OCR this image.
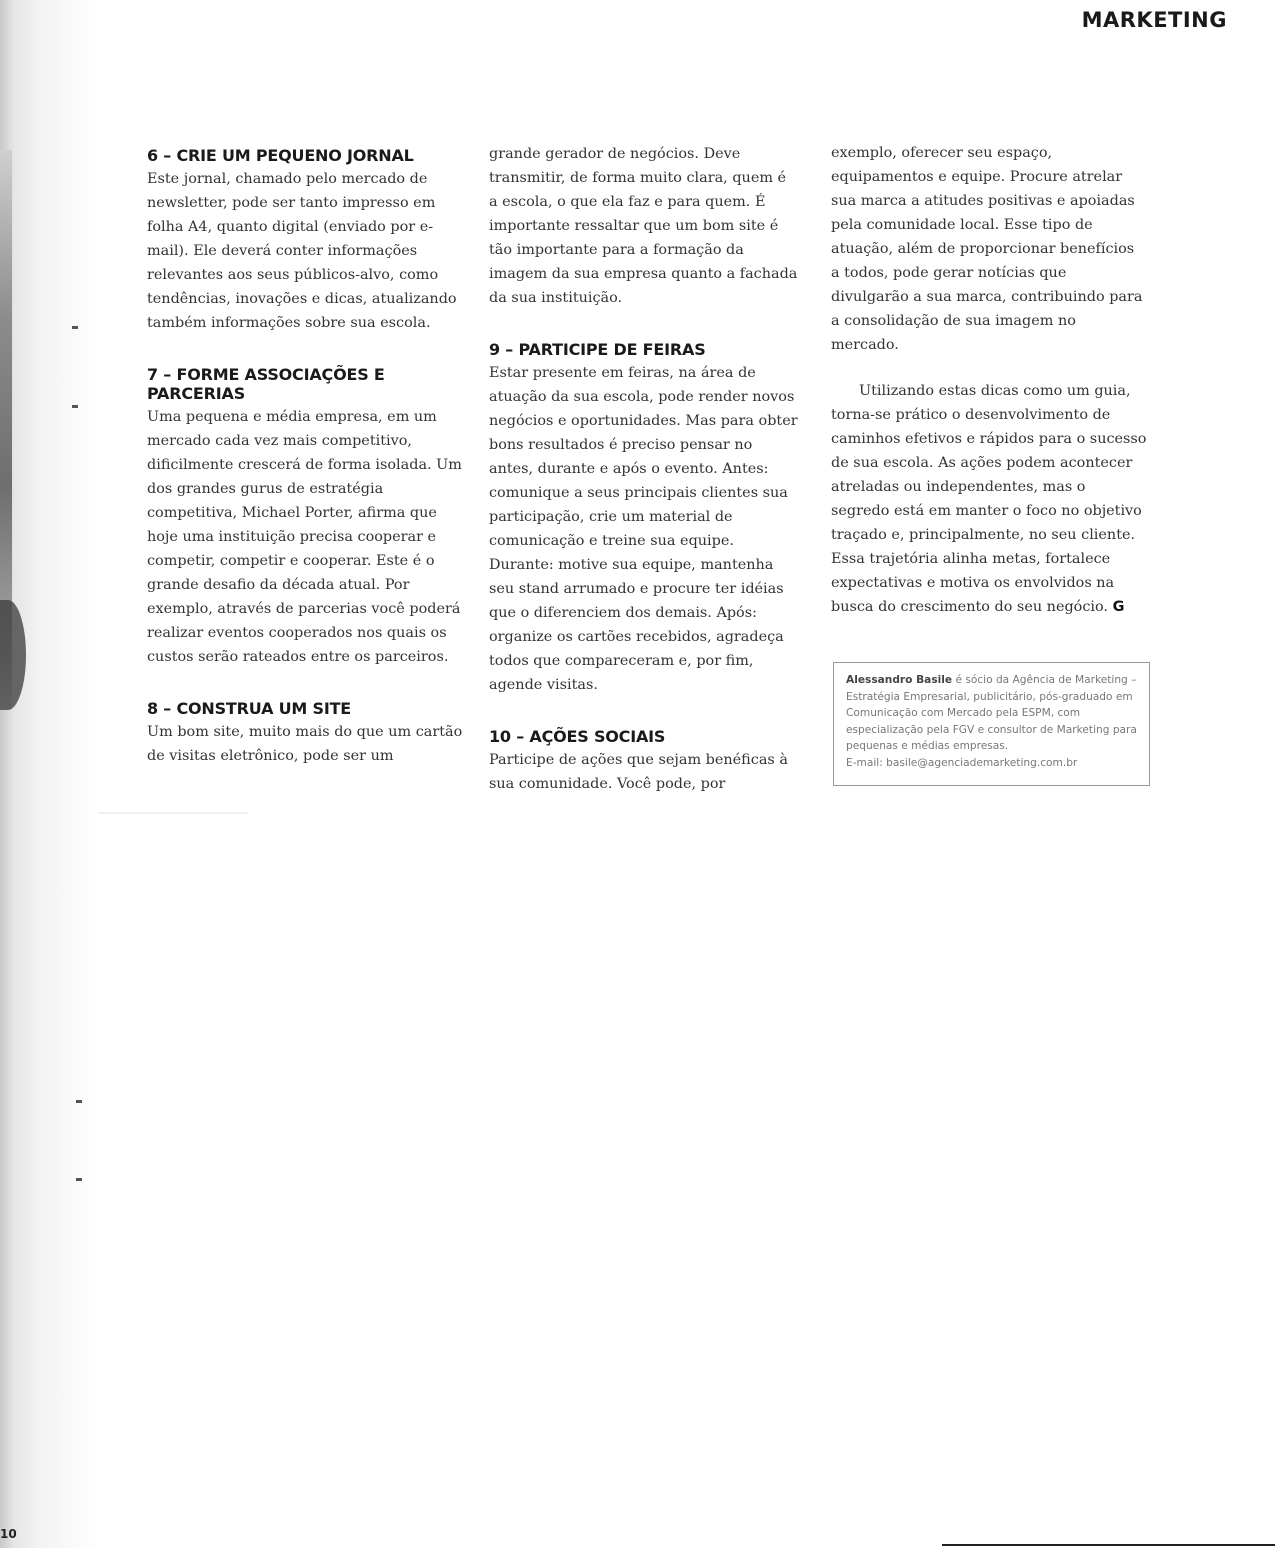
MARKETING
6 – CRIE UM PEQUENO JORNAL

Este jornal, chamado pelo mercado de newsletter, pode ser tanto impresso em folha A4, quanto digital (enviado por e-mail). Ele deverá conter informações relevantes aos seus públicos-alvo, como tendências, inovações e dicas, atualizando também informações sobre sua escola.

7 – FORME ASSOCIAÇÕES E PARCERIAS

Uma pequena e média empresa, em um mercado cada vez mais competitivo, dificilmente crescerá de forma isolada. Um dos grandes gurus de estratégia competitiva, Michael Porter, afirma que hoje uma instituição precisa cooperar e competir, competir e cooperar. Este é o grande desafio da década atual. Por exemplo, através de parcerias você poderá realizar eventos cooperados nos quais os custos serão rateados entre os parceiros.

8 – CONSTRUA UM SITE

Um bom site, muito mais do que um cartão de visitas eletrônico, pode ser um

grande gerador de negócios. Deve transmitir, de forma muito clara, quem é a escola, o que ela faz e para quem. É importante ressaltar que um bom site é tão importante para a formação da imagem da sua empresa quanto a fachada da sua instituição.

9 – PARTICIPE DE FEIRAS

Estar presente em feiras, na área de atuação da sua escola, pode render novos negócios e oportunidades. Mas para obter bons resultados é preciso pensar no antes, durante e após o evento. Antes: comunique a seus principais clientes sua participação, crie um material de comunicação e treine sua equipe. Durante: motive sua equipe, mantenha seu stand arrumado e procure ter idéias que o diferenciem dos demais. Após: organize os cartões recebidos, agradeça todos que compareceram e, por fim, agende visitas.

10 – AÇÕES SOCIAIS

Participe de ações que sejam benéficas à sua comunidade. Você pode, por

exemplo, oferecer seu espaço, equipamentos e equipe. Procure atrelar sua marca a atitudes positivas e apoiadas pela comunidade local. Esse tipo de atuação, além de proporcionar benefícios a todos, pode gerar notícias que divulgarão a sua marca, contribuindo para a consolidação de sua imagem no mercado.

Utilizando estas dicas como um guia, torna-se prático o desenvolvimento de caminhos efetivos e rápidos para o sucesso de sua escola. As ações podem acontecer atreladas ou independentes, mas o segredo está em manter o foco no objetivo traçado e, principalmente, no seu cliente. Essa trajetória alinha metas, fortalece expectativas e motiva os envolvidos na busca do crescimento do seu negócio. G

Alessandro Basile é sócio da Agência de Marketing – Estratégia Empresarial, publicitário, pós-graduado em Comunicação com Mercado pela ESPM, com especialização pela FGV e consultor de Marketing para pequenas e médias empresas.
E-mail: basile@agenciademarketing.com.br
10
